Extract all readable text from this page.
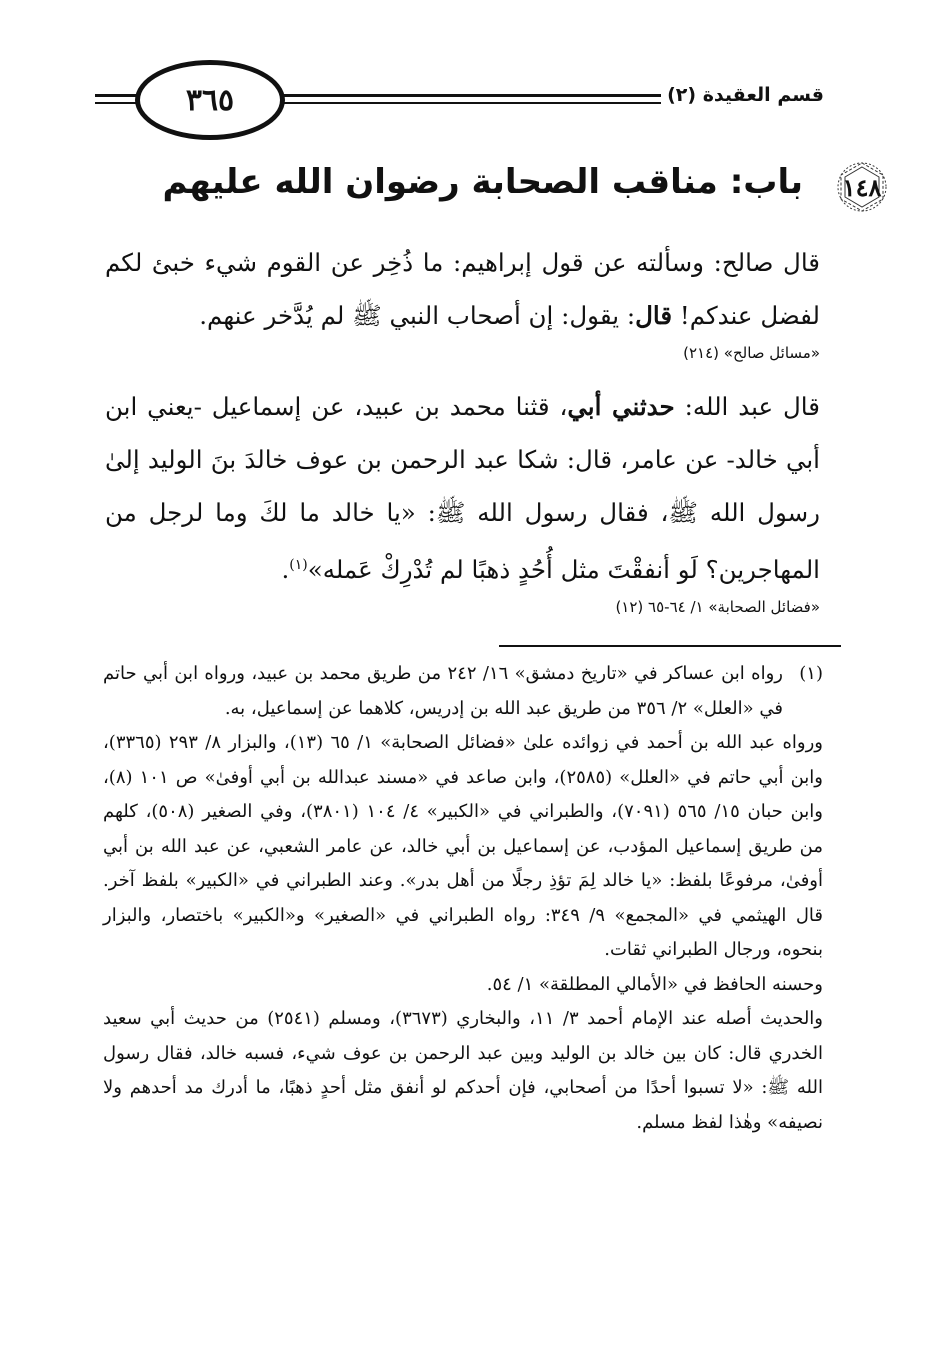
٣٦٥	قسم العقيدة (٢)
١٤٨
باب: مناقب الصحابة رضوان الله عليهم

قال صالح: وسألته عن قول إبراهيم: ما ذُخِر عن القوم شيء خبئ لكم لفضل عندكم! قال: يقول: إن أصحاب النبي ﷺ لم يُدَّخر عنهم.

«مسائل صالح» (٢١٤)

قال عبد الله: حدثني أبي، قثنا محمد بن عبيد، عن إسماعيل -يعني ابن أبي خالد- عن عامر، قال: شكا عبد الرحمن بن عوف خالدَ بنَ الوليد إلىٰ رسول الله ﷺ، فقال رسول الله ﷺ: «يا خالد ما لكَ وما لرجل من المهاجرين؟ لَو أنفقْتَ مثل أُحُدٍ ذهبًا لم تُدْرِكْ عَمله»$^{(١)}$.

«فضائل الصحابة» ١/ ٦٤-٦٥ (١٢)

(١)

رواه ابن عساكر في «تاريخ دمشق» ١٦/ ٢٤٢ من طريق محمد بن عبيد، ورواه ابن أبي حاتم في «العلل» ٢/ ٣٥٦ من طريق عبد الله بن إدريس، كلاهما عن إسماعيل، به.

ورواه عبد الله بن أحمد في زوائده علىٰ «فضائل الصحابة» ١/ ٦٥ (١٣)، والبزار ٨/ ٢٩٣ (٣٣٦٥)، وابن أبي حاتم في «العلل» (٢٥٨٥)، وابن صاعد في «مسند عبدالله بن أبي أوفىٰ» ص ١٠١ (٨)، وابن حبان ١٥/ ٥٦٥ (٧٠٩١)، والطبراني في «الكبير» ٤/ ١٠٤ (٣٨٠١)، وفي الصغير (٥٠٨)، كلهم من طريق إسماعيل المؤدب، عن إسماعيل بن أبي خالد، عن عامر الشعبي، عن عبد الله بن أبي أوفىٰ، مرفوعًا بلفظ: «يا خالد لِمَ تؤذِ رجلًا من أهل بدر». وعند الطبراني في «الكبير» بلفظ آخر. قال الهيثمي في «المجمع» ٩/ ٣٤٩: رواه الطبراني في «الصغير» و«الكبير» باختصار، والبزار بنحوه، ورجال الطبراني ثقات.

وحسنه الحافظ في «الأمالي المطلقة» ١/ ٥٤.

والحديث أصله عند الإمام أحمد ٣/ ١١، والبخاري (٣٦٧٣)، ومسلم (٢٥٤١) من حديث أبي سعيد الخدري قال: كان بين خالد بن الوليد وبين عبد الرحمن بن عوف شيء، فسبه خالد، فقال رسول الله ﷺ: «لا تسبوا أحدًا من أصحابي، فإن أحدكم لو أنفق مثل أحدٍ ذهبًا، ما أدرك مد أحدهم ولا نصيفه» وهٰذا لفظ مسلم.
